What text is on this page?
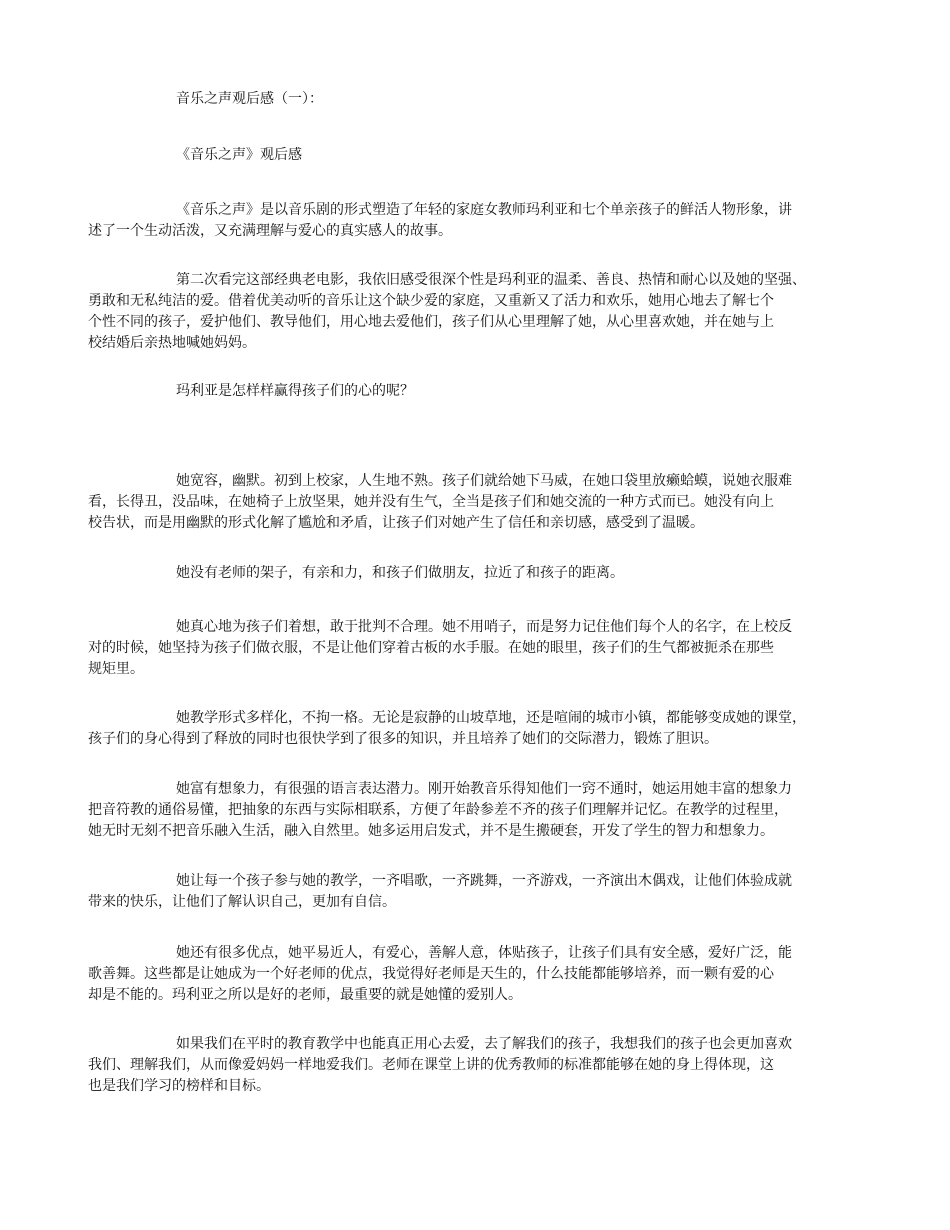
音乐之声观后感（一）：

《音乐之声》观后感

《音乐之声》是以音乐剧的形式塑造了年轻的家庭女教师玛利亚和七个单亲孩子的鲜活人物形象，讲
述了一个生动活泼，又充满理解与爱心的真实感人的故事。

第二次看完这部经典老电影，我依旧感受很深个性是玛利亚的温柔、善良、热情和耐心以及她的坚强、
勇敢和无私纯洁的爱。借着优美动听的音乐让这个缺少爱的家庭，又重新又了活力和欢乐，她用心地去了解七个
个性不同的孩子，爱护他们、教导他们，用心地去爱他们，孩子们从心里理解了她，从心里喜欢她，并在她与上
校结婚后亲热地喊她妈妈。

玛利亚是怎样样赢得孩子们的心的呢？

她宽容，幽默。初到上校家，人生地不熟。孩子们就给她下马威，在她口袋里放癞蛤蟆，说她衣服难
看，长得丑，没品味，在她椅子上放坚果，她并没有生气，全当是孩子们和她交流的一种方式而已。她没有向上
校告状，而是用幽默的形式化解了尴尬和矛盾，让孩子们对她产生了信任和亲切感，感受到了温暖。

她没有老师的架子，有亲和力，和孩子们做朋友，拉近了和孩子的距离。

她真心地为孩子们着想，敢于批判不合理。她不用哨子，而是努力记住他们每个人的名字，在上校反
对的时候，她坚持为孩子们做衣服，不是让他们穿着古板的水手服。在她的眼里，孩子们的生气都被扼杀在那些
规矩里。

她教学形式多样化，不拘一格。无论是寂静的山坡草地，还是喧闹的城市小镇，都能够变成她的课堂，
孩子们的身心得到了释放的同时也很快学到了很多的知识，并且培养了她们的交际潜力，锻炼了胆识。

她富有想象力，有很强的语言表达潜力。刚开始教音乐得知他们一窍不通时，她运用她丰富的想象力
把音符教的通俗易懂，把抽象的东西与实际相联系，方便了年龄参差不齐的孩子们理解并记忆。在教学的过程里，
她无时无刻不把音乐融入生活，融入自然里。她多运用启发式，并不是生搬硬套，开发了学生的智力和想象力。

她让每一个孩子参与她的教学，一齐唱歌，一齐跳舞，一齐游戏，一齐演出木偶戏，让他们体验成就
带来的快乐，让他们了解认识自己，更加有自信。

她还有很多优点，她平易近人，有爱心，善解人意，体贴孩子，让孩子们具有安全感，爱好广泛，能
歌善舞。这些都是让她成为一个好老师的优点，我觉得好老师是天生的，什么技能都能够培养，而一颗有爱的心
却是不能的。玛利亚之所以是好的老师，最重要的就是她懂的爱别人。

如果我们在平时的教育教学中也能真正用心去爱，去了解我们的孩子，我想我们的孩子也会更加喜欢
我们、理解我们，从而像爱妈妈一样地爱我们。老师在课堂上讲的优秀教师的标准都能够在她的身上得体现，这
也是我们学习的榜样和目标。
